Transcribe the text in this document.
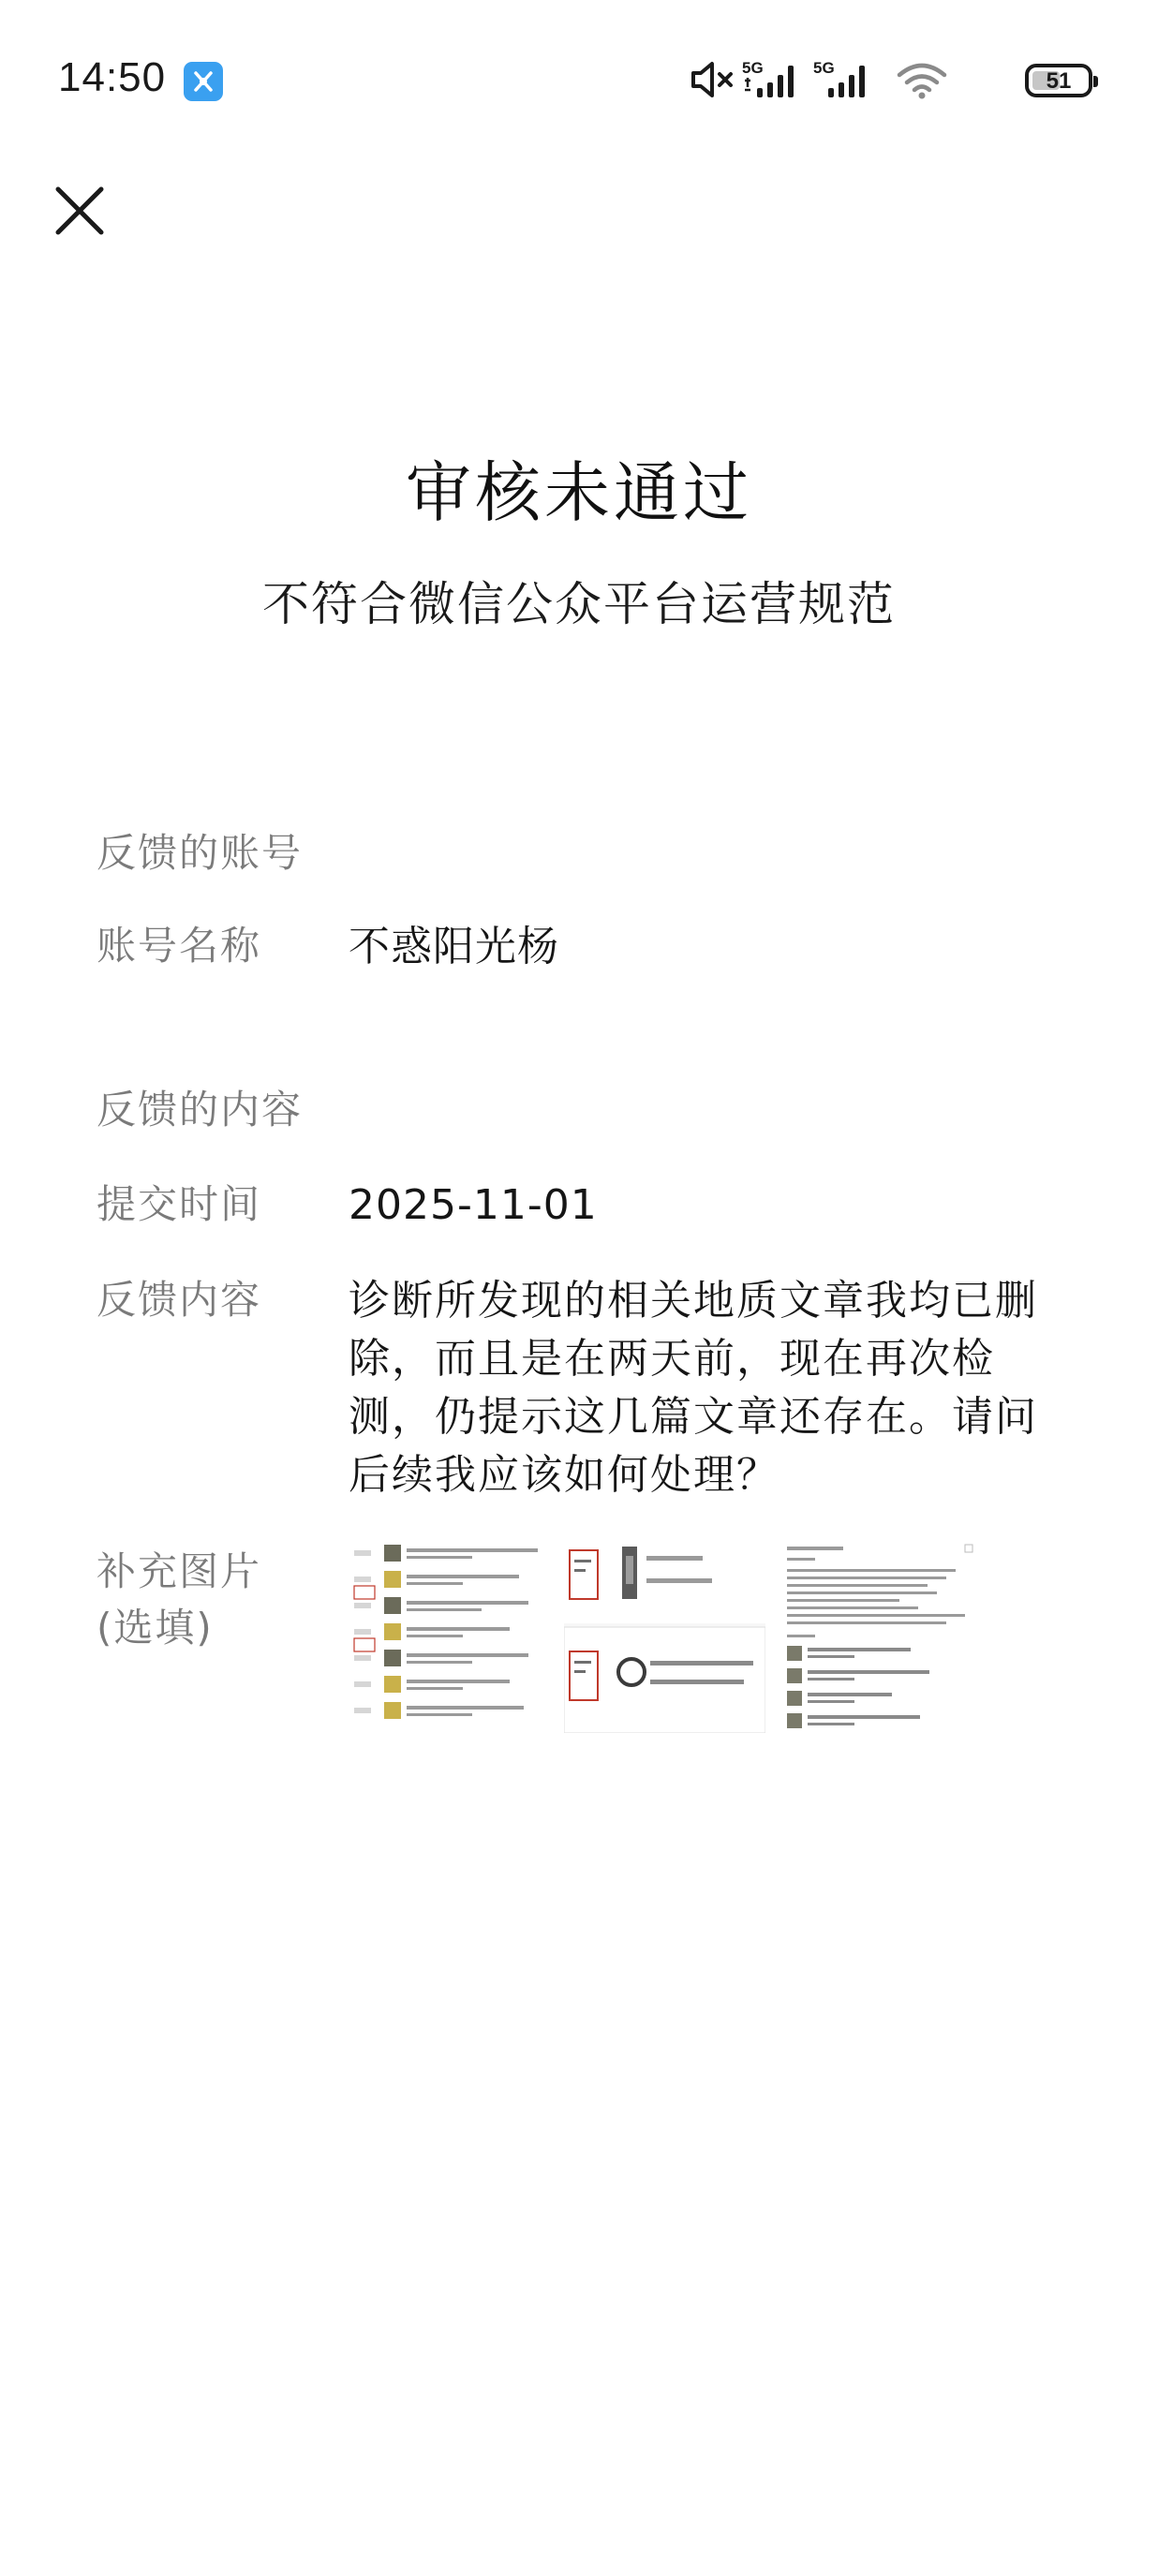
14:50	5G	5G
51
审核未通过
不符合微信公众平台运营规范
反馈的账号
账号名称 不惑阳光杨
反馈的内容
提交时间 2025-11-01
反馈内容 诊断所发现的相关地质文章我均已删除，而且是在两天前，现在再次检测，仍提示这几篇文章还存在。请问后续我应该如何处理？
补充图片
(选填)
